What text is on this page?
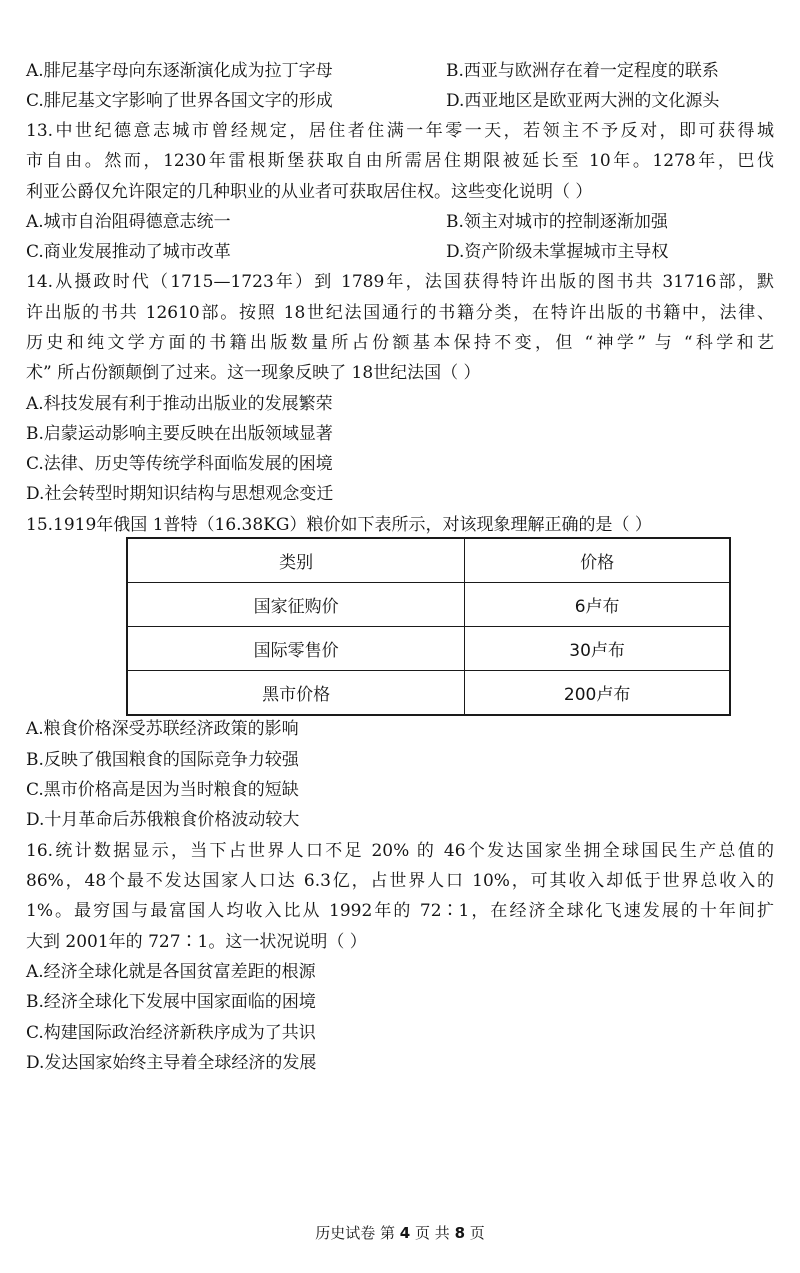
A.腓尼基字母向东逐渐演化成为拉丁字母	B.西亚与欧洲存在着一定程度的联系
C.腓尼基文字影响了世界各国文字的形成	D.西亚地区是欧亚两大洲的文化源头
13.中世纪德意志城市曾经规定，居住者住满一年零一天，若领主不予反对，即可获得城
市自由。然而，1230年雷根斯堡获取自由所需居住期限被延长至 10年。1278年，巴伐
利亚公爵仅允许限定的几种职业的从业者可获取居住权。这些变化说明（ ）
A.城市自治阻碍德意志统一	B.领主对城市的控制逐渐加强
C.商业发展推动了城市改革	D.资产阶级未掌握城市主导权
14.从摄政时代（1715—1723年）到 1789年，法国获得特许出版的图书共 31716部，默
许出版的书共 12610部。按照 18世纪法国通行的书籍分类，在特许出版的书籍中，法律、
历史和纯文学方面的书籍出版数量所占份额基本保持不变，但 “神学” 与 “科学和艺
术” 所占份额颠倒了过来。这一现象反映了 18世纪法国（ ）
A.科技发展有利于推动出版业的发展繁荣
B.启蒙运动影响主要反映在出版领域显著
C.法律、历史等传统学科面临发展的困境
D.社会转型时期知识结构与思想观念变迁
15.1919年俄国 1普特（16.38KG）粮价如下表所示，对该现象理解正确的是（ ）
类别	价格
国家征购价	6卢布
国际零售价	30卢布
黑市价格	200卢布
A.粮食价格深受苏联经济政策的影响
B.反映了俄国粮食的国际竞争力较强
C.黑市价格高是因为当时粮食的短缺
D.十月革命后苏俄粮食价格波动较大
16.统计数据显示，当下占世界人口不足 20% 的 46个发达国家坐拥全球国民生产总值的
86%，48个最不发达国家人口达 6.3亿，占世界人口 10%，可其收入却低于世界总收入的
1%。最穷国与最富国人均收入比从 1992年的 72∶1，在经济全球化飞速发展的十年间扩
大到 2001年的 727∶1。这一状况说明（ ）
A.经济全球化就是各国贫富差距的根源
B.经济全球化下发展中国家面临的困境
C.构建国际政治经济新秩序成为了共识
D.发达国家始终主导着全球经济的发展
历史试卷 第 4 页 共 8 页
